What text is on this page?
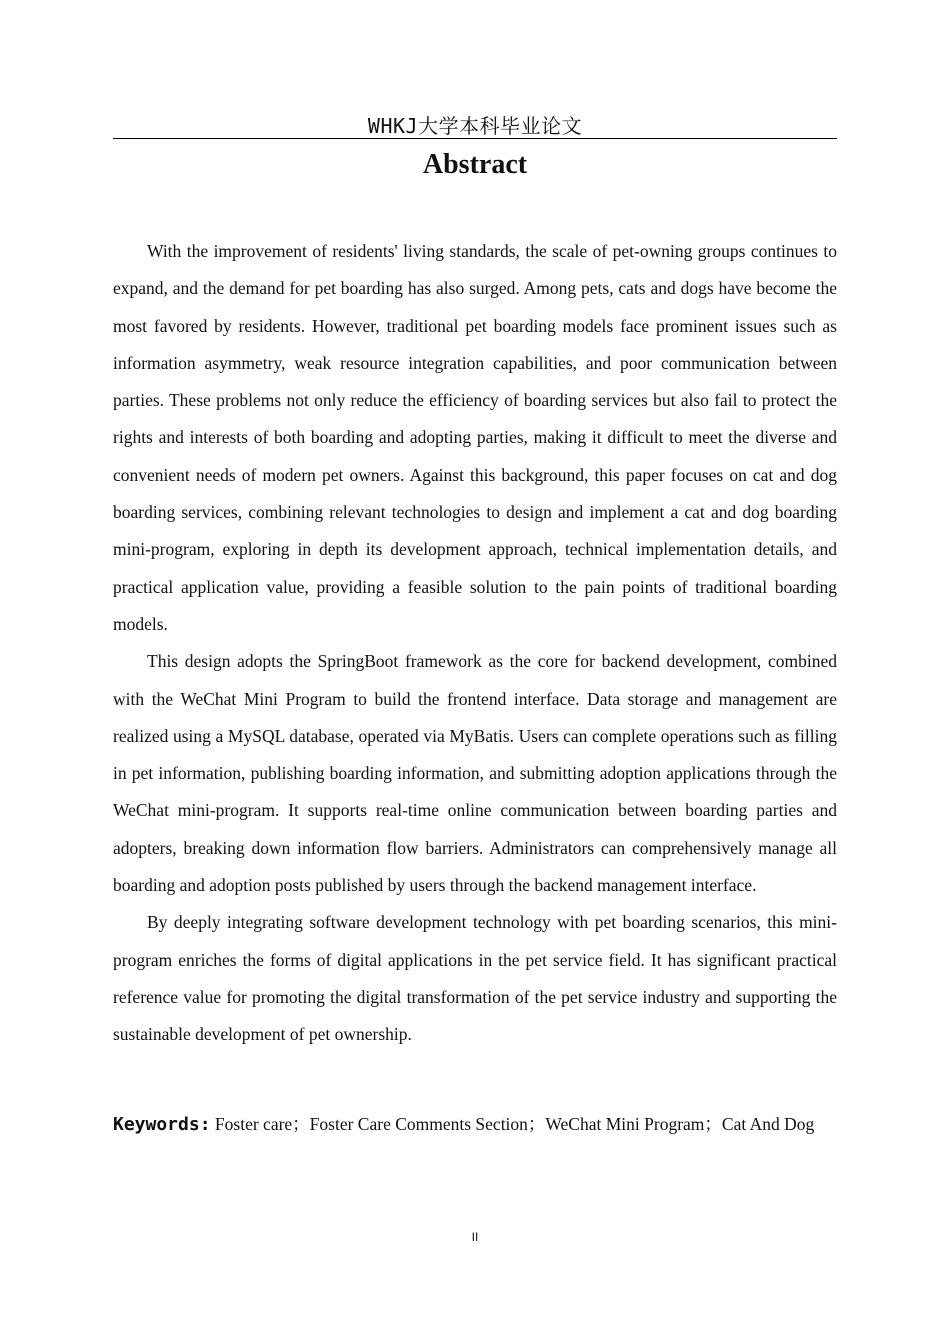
WHKJ大学本科毕业论文
Abstract

With the improvement of residents' living standards, the scale of pet-owning groups continues to expand, and the demand for pet boarding has also surged. Among pets, cats and dogs have become the most favored by residents. However, traditional pet boarding models face prominent issues such as information asymmetry, weak resource integration capabilities, and poor communication between parties. These problems not only reduce the efficiency of boarding services but also fail to protect the rights and interests of both boarding and adopting parties, making it difficult to meet the diverse and convenient needs of modern pet owners. Against this background, this paper focuses on cat and dog boarding services, combining relevant technologies to design and implement a cat and dog boarding mini-program, exploring in depth its development approach, technical implementation details, and practical application value, providing a feasible solution to the pain points of traditional boarding models.

This design adopts the SpringBoot framework as the core for backend development, combined with the WeChat Mini Program to build the frontend interface. Data storage and management are realized using a MySQL database, operated via MyBatis. Users can complete operations such as filling in pet information, publishing boarding information, and submitting adoption applications through the WeChat mini-program. It supports real-time online communication between boarding parties and adopters, breaking down information flow barriers. Administrators can comprehensively manage all boarding and adoption posts published by users through the backend management interface.

By deeply integrating software development technology with pet boarding scenarios, this mini-program enriches the forms of digital applications in the pet service field. It has significant practical reference value for promoting the digital transformation of the pet service industry and supporting the sustainable development of pet ownership.

Keywords: Foster care；Foster Care Comments Section；WeChat Mini Program；Cat And Dog
II
